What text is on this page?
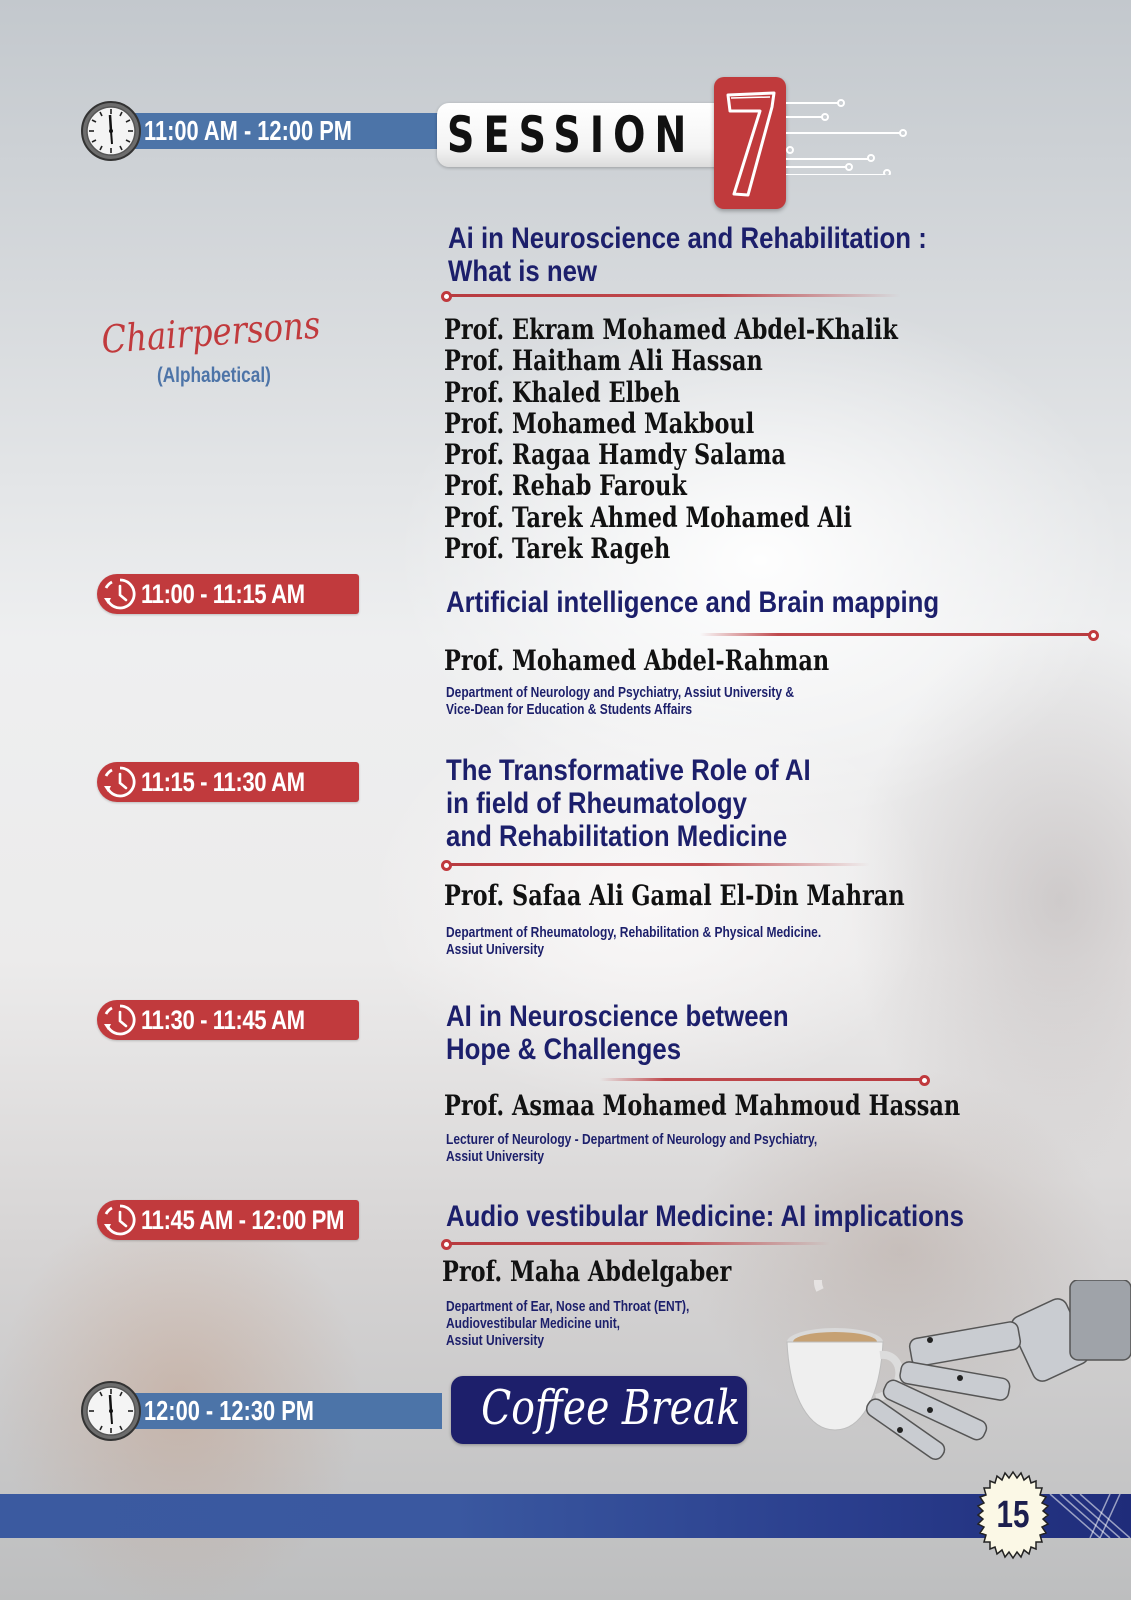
11:00 AM - 12:00 PM SESSION
Ai in Neuroscience and Rehabilitation :
What is new
Chairpersons
(Alphabetical)
Prof. Ekram Mohamed Abdel-Khalik
Prof. Haitham Ali Hassan
Prof. Khaled Elbeh
Prof. Mohamed Makboul
Prof. Ragaa Hamdy Salama
Prof. Rehab Farouk
Prof. Tarek Ahmed Mohamed Ali
Prof. Tarek Rageh
11:00 - 11:15 AM	Artificial intelligence and Brain mapping
Prof. Mohamed Abdel-Rahman
Department of Neurology and Psychiatry, Assiut University &
Vice-Dean for Education & Students Affairs
11:15 - 11:30 AM	The Transformative Role of AI
in field of Rheumatology
and Rehabilitation Medicine
Prof. Safaa Ali Gamal El-Din Mahran
Department of Rheumatology, Rehabilitation & Physical Medicine.
Assiut University
11:30 - 11:45 AM	AI in Neuroscience between
Hope & Challenges
Prof. Asmaa Mohamed Mahmoud Hassan
Lecturer of Neurology - Department of Neurology and Psychiatry,
Assiut University
11:45 AM - 12:00 PM	Audio vestibular Medicine: AI implications
Prof. Maha Abdelgaber
Department of Ear, Nose and Throat (ENT),
Audiovestibular Medicine unit,
Assiut University
12:00 - 12:30 PM	Coffee Break
15
